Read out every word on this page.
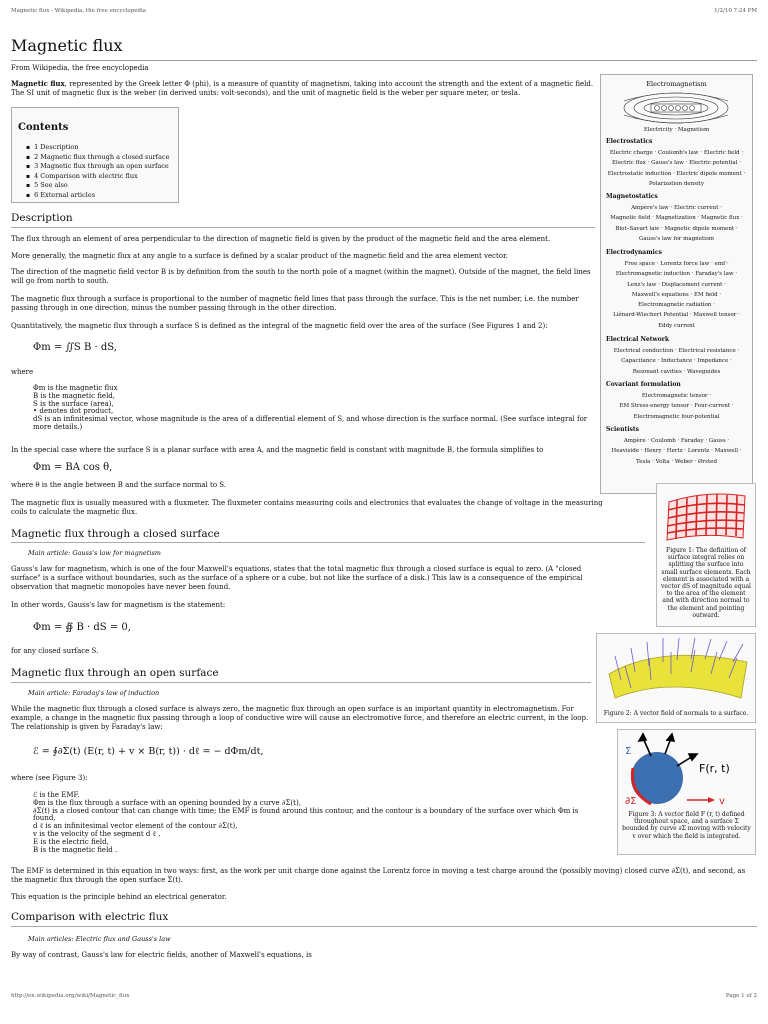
Magnetic flux - Wikipedia, the free encyclopedia	1/2/10 7:24 PM
Magnetic flux
From Wikipedia, the free encyclopedia

Magnetic flux, represented by the Greek letter Φ (phi), is a measure of quantity of magnetism, taking into account the strength and the extent of a magnetic field. The SI unit of magnetic flux is the weber (in derived units: volt-seconds), and the unit of magnetic field is the weber per square meter, or tesla.

Contents
▪ 1 Description
▪ 2 Magnetic flux through a closed surface
▪ 3 Magnetic flux through an open surface
▪ 4 Comparison with electric flux
▪ 5 See also
▪ 6 External articles
Description

The flux through an element of area perpendicular to the direction of magnetic field is given by the product of the magnetic field and the area element.

More generally, the magnetic flux at any angle to a surface is defined by a scalar product of the magnetic field and the area element vector.

The direction of the magnetic field vector B is by definition from the south to the north pole of a magnet (within the magnet). Outside of the magnet, the field lines will go from north to south.

The magnetic flux through a surface is proportional to the number of magnetic field lines that pass through the surface. This is the net number, i.e. the number passing through in one direction, minus the number passing through in the other direction.

Quantitatively, the magnetic flux through a surface S is defined as the integral of the magnetic field over the area of the surface (See Figures 1 and 2):

Φm = ∬S B · dS,

where

Φm is the magnetic flux
B is the magnetic field,
S is the surface (area),
• denotes dot product,
dS is an infinitesimal vector, whose magnitude is the area of a differential element of S, and whose direction is the surface normal. (See surface integral for more details.)

In the special case where the surface S is a planar surface with area A, and the magnetic field is constant with magnitude B, the formula simplifies to

Φm = BA cos θ,

where θ is the angle between B and the surface normal to S.

The magnetic flux is usually measured with a fluxmeter. The fluxmeter contains measuring coils and electronics that evaluates the change of voltage in the measuring coils to calculate the magnetic flux.

Magnetic flux through a closed surface
Main article: Gauss's law for magnetism

Gauss's law for magnetism, which is one of the four Maxwell's equations, states that the total magnetic flux through a closed surface is equal to zero. (A "closed surface" is a surface without boundaries, such as the surface of a sphere or a cube, but not like the surface of a disk.) This law is a consequence of the empirical observation that magnetic monopoles have never been found.

In other words, Gauss's law for magnetism is the statement:

Φm = ∯ B · dS = 0,

for any closed surface S.

Magnetic flux through an open surface
Main article: Faraday's law of induction

While the magnetic flux through a closed surface is always zero, the magnetic flux through an open surface is an important quantity in electromagnetism. For example, a change in the magnetic flux passing through a loop of conductive wire will cause an electromotive force, and therefore an electric current, in the loop. The relationship is given by Faraday's law:

ℰ = ∮∂Σ(t) (E(r, t) + v × B(r, t)) · dℓ = − dΦm/dt,

where (see Figure 3):

ℰ is the EMF,
Φm is the flux through a surface with an opening bounded by a curve ∂Σ(t),
∂Σ(t) is a closed contour that can change with time; the EMF is found around this contour, and the contour is a boundary of the surface over which Φm is found,
d ℓ is an infinitesimal vector element of the contour ∂Σ(t),
v is the velocity of the segment d ℓ ,
E is the electric field,
B is the magnetic field .

The EMF is determined in this equation in two ways: first, as the work per unit charge done against the Lorentz force in moving a test charge around the (possibly moving) closed curve ∂Σ(t), and second, as the magnetic flux through the open surface Σ(t).

This equation is the principle behind an electrical generator.

Comparison with electric flux
Main articles: Electric flux and Gauss's law

By way of contrast, Gauss's law for electric fields, another of Maxwell's equations, is

Electromagnetism
Electricity · Magnetism
Electrostatics
Electric charge · Coulomb's law · Electric field ·
Electric flux · Gauss's law · Electric potential ·
Electrostatic induction · Electric dipole moment ·
Polarization density
Magnetostatics
Ampère's law · Electric current ·
Magnetic field · Magnetization · Magnetic flux ·
Biot–Savart law · Magnetic dipole moment ·
Gauss's law for magnetism
Electrodynamics
Free space · Lorentz force law · emf ·
Electromagnetic induction · Faraday's law ·
Lenz's law · Displacement current ·
Maxwell's equations · EM field ·
Electromagnetic radiation ·
Liénard-Wiechert Potential · Maxwell tensor ·
Eddy current
Electrical Network
Electrical conduction · Electrical resistance ·
Capacitance · Inductance · Impedance ·
Resonant cavities · Waveguides
Covariant formulation
Electromagnetic tensor ·
EM Stress-energy tensor · Four-current ·
Electromagnetic four-potential
Scientists
Ampère · Coulomb · Faraday · Gauss ·
Heaviside · Henry · Hertz · Lorentz · Maxwell ·
Tesla · Volta · Weber · Ørsted
Figure 1: The definition of surface integral relies on splitting the surface into small surface elements. Each element is associated with a vector dS of magnitude equal to the area of the element and with direction normal to the element and pointing outward.
Figure 2: A vector field of normals to a surface.
Σ
∂Σ
F(r, t)
v
Figure 3: A vector field F (r, t) defined throughout space, and a surface Σ bounded by curve ∂Σ moving with velocity v over which the field is integrated.
http://en.wikipedia.org/wiki/Magnetic_flux	Page 1 of 2
